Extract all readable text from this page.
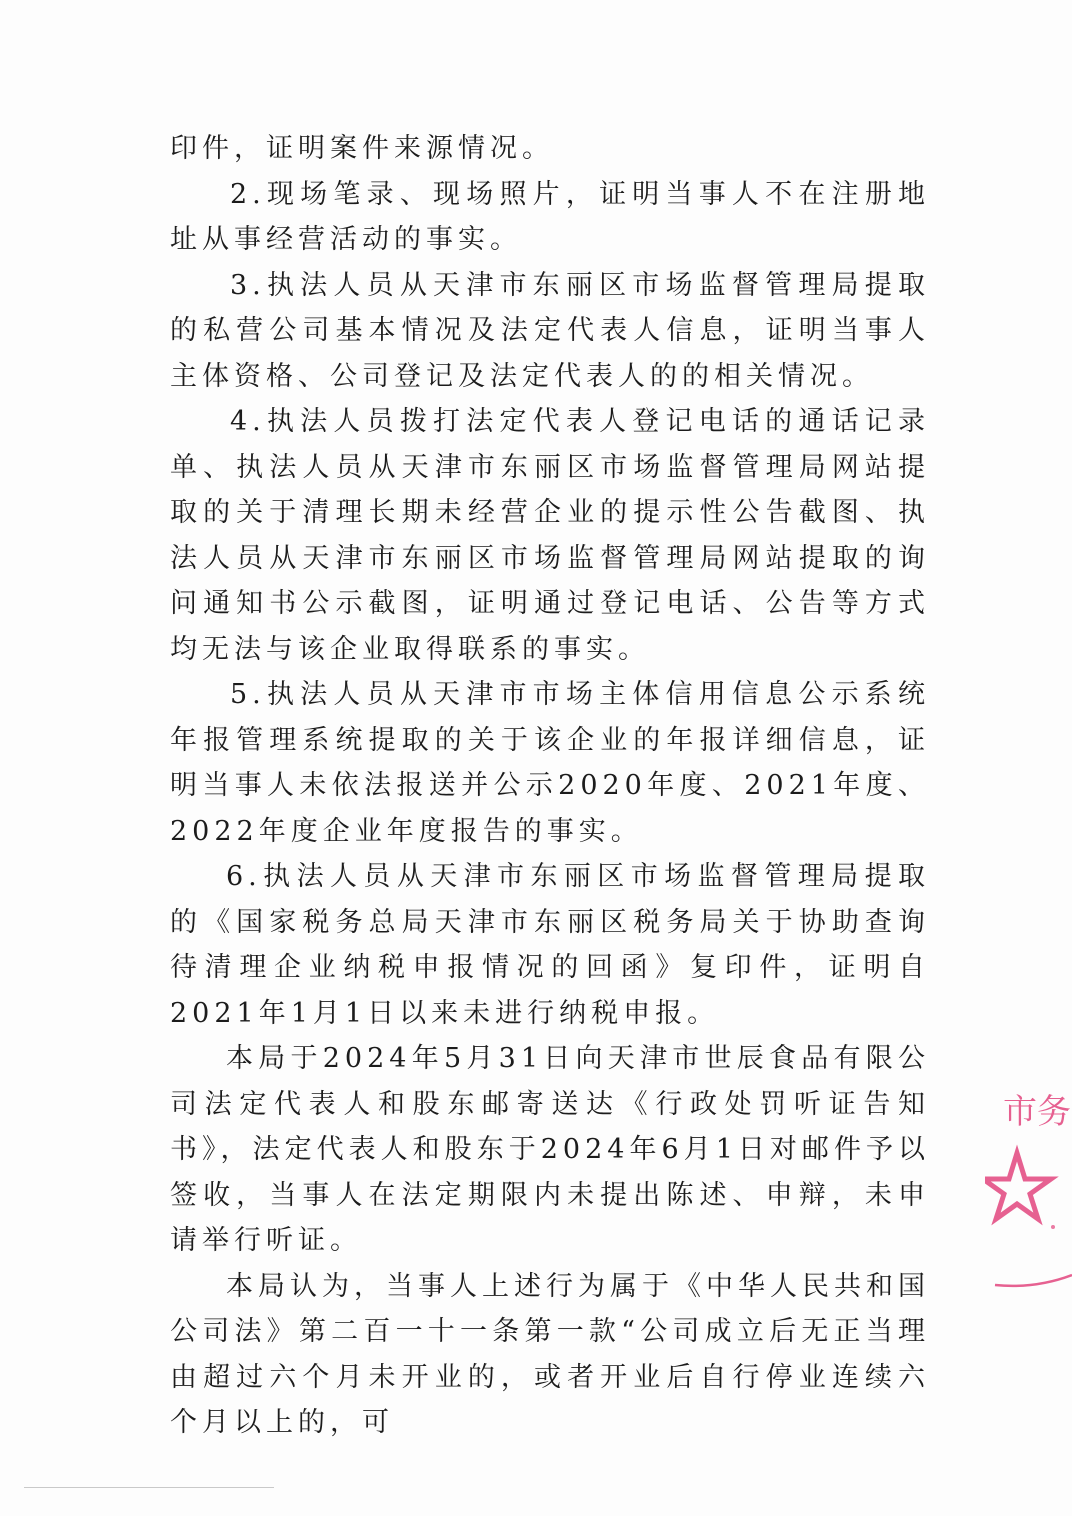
印件，证明案件来源情况。

2.现场笔录、现场照片，证明当事人不在注册地址从事经营活动的事实。

3.执法人员从天津市东丽区市场监督管理局提取的私营公司基本情况及法定代表人信息，证明当事人主体资格、公司登记及法定代表人的的相关情况。

4.执法人员拨打法定代表人登记电话的通话记录单、执法人员从天津市东丽区市场监督管理局网站提取的关于清理长期未经营企业的提示性公告截图、执法人员从天津市东丽区市场监督管理局网站提取的询问通知书公示截图，证明通过登记电话、公告等方式均无法与该企业取得联系的事实。

5.执法人员从天津市市场主体信用信息公示系统年报管理系统提取的关于该企业的年报详细信息，证明当事人未依法报送并公示2020年度、2021年度、2022年度企业年度报告的事实。

6.执法人员从天津市东丽区市场监督管理局提取的《国家税务总局天津市东丽区税务局关于协助查询待清理企业纳税申报情况的回函》复印件，证明自2021年1月1日以来未进行纳税申报。

本局于2024年5月31日向天津市世辰食品有限公司法定代表人和股东邮寄送达《行政处罚听证告知书》，法定代表人和股东于2024年6月1日对邮件予以签收，当事人在法定期限内未提出陈述、申辩，未申请举行听证。

本局认为，当事人上述行为属于《中华人民共和国公司法》第二百一十一条第一款“公司成立后无正当理由超过六个月未开业的，或者开业后自行停业连续六个月以上的，可

市务
